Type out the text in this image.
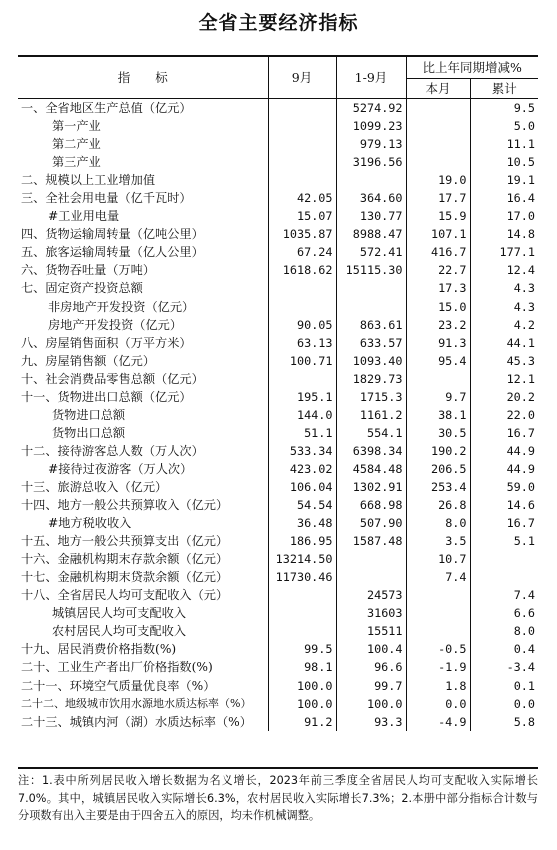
全省主要经济指标
指　　标	9月	1-9月	比上年同期增减%	
			本月	累计
一、全省地区生产总值（亿元）		5274.92		9.5
第一产业		1099.23		5.0
第二产业		979.13		11.1
第三产业		3196.56		10.5
二、规模以上工业增加值			19.0	19.1
三、全社会用电量（亿千瓦时）	42.05	364.60	17.7	16.4
#工业用电量	15.07	130.77	15.9	17.0
四、货物运输周转量（亿吨公里）	1035.87	8988.47	107.1	14.8
五、旅客运输周转量（亿人公里）	67.24	572.41	416.7	177.1
六、货物吞吐量（万吨）	1618.62	15115.30	22.7	12.4
七、固定资产投资总额			17.3	4.3
非房地产开发投资（亿元）			15.0	4.3
房地产开发投资（亿元）	90.05	863.61	23.2	4.2
八、房屋销售面积（万平方米）	63.13	633.57	91.3	44.1
九、房屋销售额（亿元）	100.71	1093.40	95.4	45.3
十、社会消费品零售总额（亿元）		1829.73		12.1
十一、货物进出口总额（亿元）	195.1	1715.3	9.7	20.2
货物进口总额	144.0	1161.2	38.1	22.0
货物出口总额	51.1	554.1	30.5	16.7
十二、接待游客总人数（万人次）	533.34	6398.34	190.2	44.9
#接待过夜游客（万人次）	423.02	4584.48	206.5	44.9
十三、旅游总收入（亿元）	106.04	1302.91	253.4	59.0
十四、地方一般公共预算收入（亿元）	54.54	668.98	26.8	14.6
#地方税收收入	36.48	507.90	8.0	16.7
十五、地方一般公共预算支出（亿元）	186.95	1587.48	3.5	5.1
十六、金融机构期末存款余额（亿元）	13214.50		10.7	
十七、金融机构期末贷款余额（亿元）	11730.46		7.4	
十八、全省居民人均可支配收入（元）		24573		7.4
城镇居民人均可支配收入		31603		6.6
农村居民人均可支配收入		15511		8.0
十九、居民消费价格指数(%)	99.5	100.4	-0.5	0.4
二十、工业生产者出厂价格指数(%)	98.1	96.6	-1.9	-3.4
二十一、环境空气质量优良率（%）	100.0	99.7	1.8	0.1
二十二、地级城市饮用水源地水质达标率（%）	100.0	100.0	0.0	0.0
二十三、城镇内河（湖）水质达标率（%）	91.2	93.3	-4.9	5.8
注：1.表中所列居民收入增长数据为名义增长，2023年前三季度全省居民人均可支配收入实际增长7.0%。其中，城镇居民收入实际增长6.3%，农村居民收入实际增长7.3%；2.本册中部分指标合计数与分项数有出入主要是由于四舍五入的原因，均未作机械调整。
